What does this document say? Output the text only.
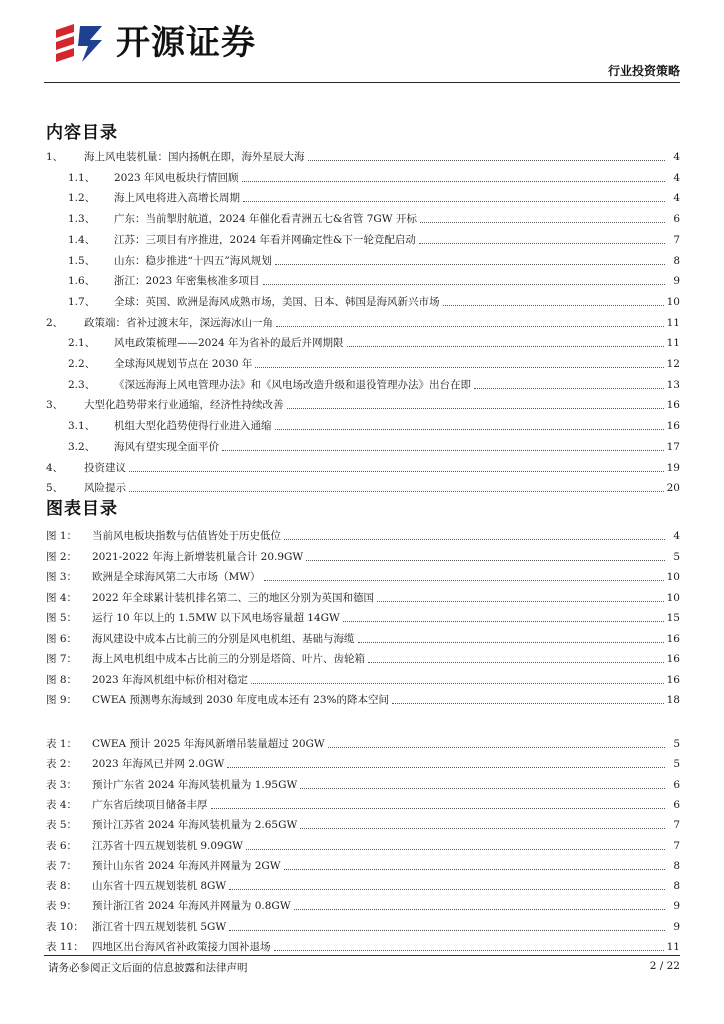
开源证券
行业投资策略
内容目录
1、	海上风电装机量：国内扬帆在即，海外星辰大海	4
1.1、	2023 年风电板块行情回顾	4
1.2、	海上风电将进入高增长周期	4
1.3、	广东：当前掣肘航道，2024 年催化看青洲五七&省管 7GW 开标	6
1.4、	江苏：三项目有序推进，2024 年看并网确定性&下一轮竞配启动	7
1.5、	山东：稳步推进“十四五”海风规划	8
1.6、	浙江：2023 年密集核准多项目	9
1.7、	全球：英国、欧洲是海风成熟市场，美国、日本、韩国是海风新兴市场	10
2、	政策端：省补过渡末年，深远海冰山一角	11
2.1、	风电政策梳理——2024 年为省补的最后并网期限	11
2.2、	全球海风规划节点在 2030 年	12
2.3、	《深远海海上风电管理办法》和《风电场改造升级和退役管理办法》出台在即	13
3、	大型化趋势带来行业通缩，经济性持续改善	16
3.1、	机组大型化趋势使得行业进入通缩	16
3.2、	海风有望实现全面平价	17
4、	投资建议	19
5、	风险提示	20
图表目录
图 1：	当前风电板块指数与估值皆处于历史低位	4
图 2：	2021-2022 年海上新增装机量合计 20.9GW	5
图 3：	欧洲是全球海风第二大市场（MW）	10
图 4：	2022 年全球累计装机排名第二、三的地区分别为英国和德国	10
图 5：	运行 10 年以上的 1.5MW 以下风电场容量超 14GW	15
图 6：	海风建设中成本占比前三的分别是风电机组、基础与海缆	16
图 7：	海上风电机组中成本占比前三的分别是塔筒、叶片、齿轮箱	16
图 8：	2023 年海风机组中标价相对稳定	16
图 9：	CWEA 预测粤东海域到 2030 年度电成本还有 23%的降本空间	18
表 1：	CWEA 预计 2025 年海风新增吊装量超过 20GW	5
表 2：	2023 年海风已并网 2.0GW	5
表 3：	预计广东省 2024 年海风装机量为 1.95GW	6
表 4：	广东省后续项目储备丰厚	6
表 5：	预计江苏省 2024 年海风装机量为 2.65GW	7
表 6：	江苏省十四五规划装机 9.09GW	7
表 7：	预计山东省 2024 年海风并网量为 2GW	8
表 8：	山东省十四五规划装机 8GW	8
表 9：	预计浙江省 2024 年海风并网量为 0.8GW	9
表 10： 浙江省十四五规划装机 5GW	9
表 11： 四地区出台海风省补政策接力国补退场	11
请务必参阅正文后面的信息披露和法律声明	2 / 22
